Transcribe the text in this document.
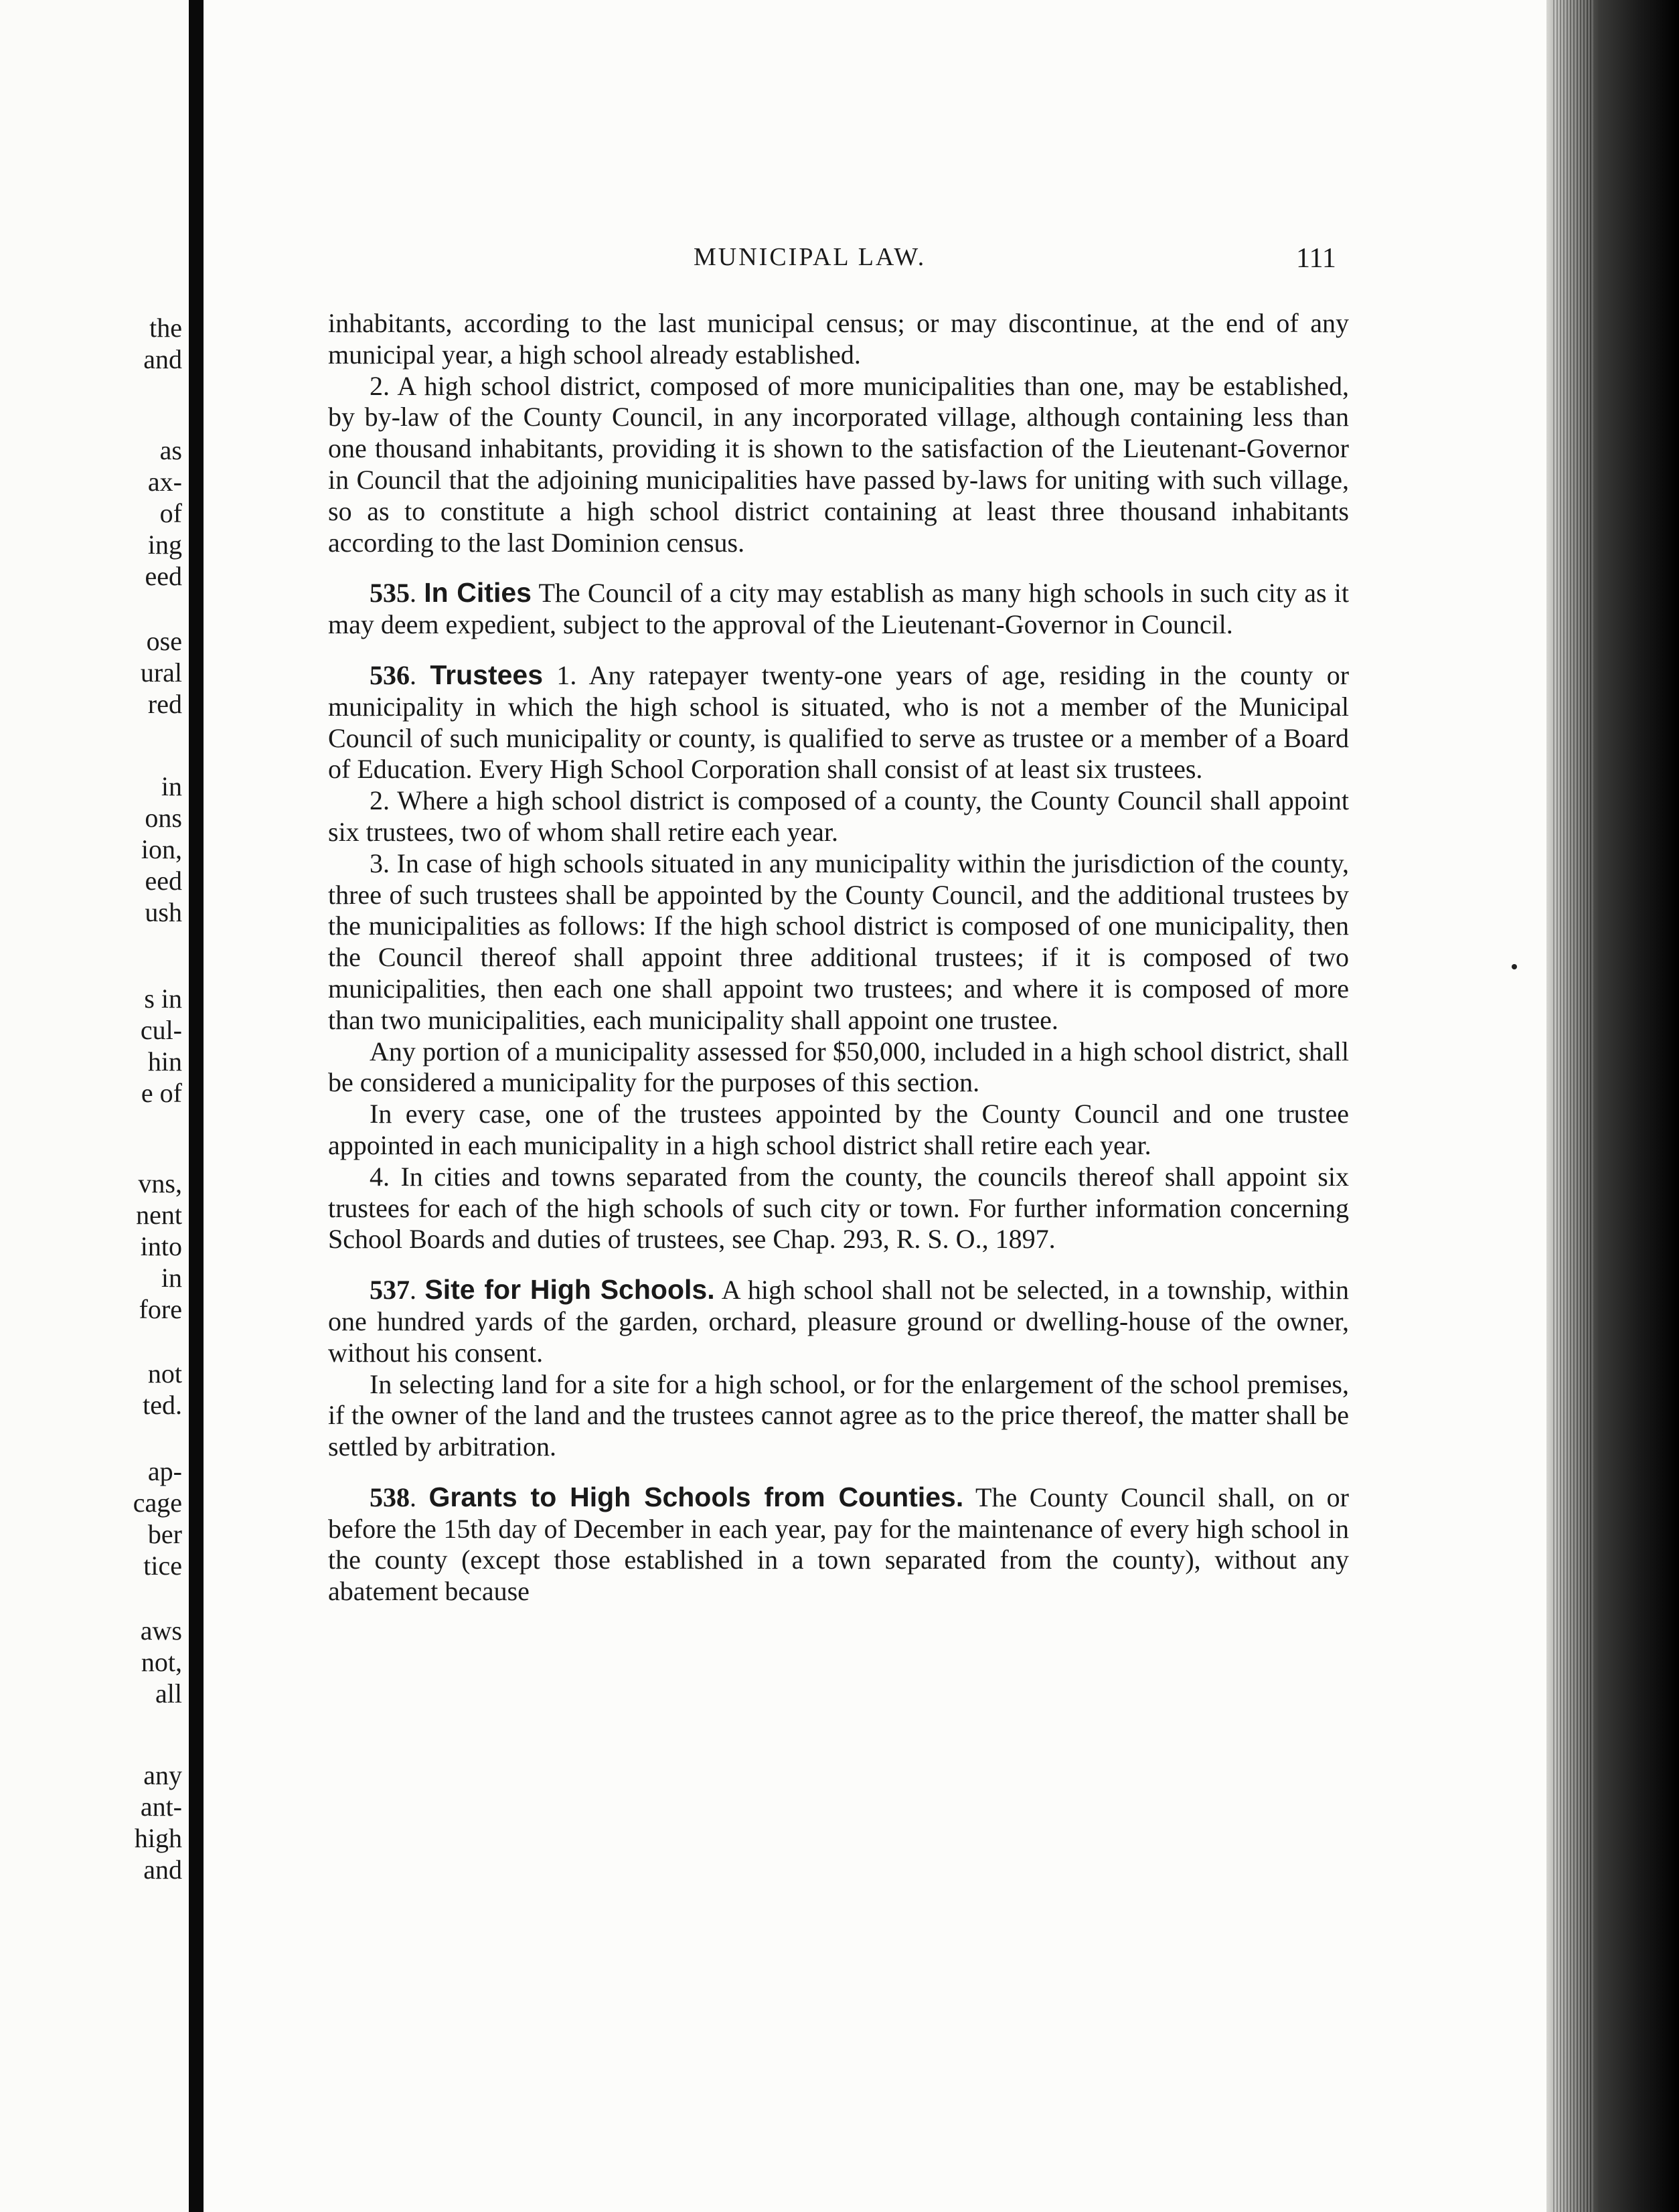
the
and
as
ax-
of
ing
eed
ose
ural
red
in
ons
ion,
eed
ush
s in
cul-
hin
e of
vns,
nent
into
in
fore
not
ted.
ap-
cage
ber
tice
aws
not,
all
any
ant-
high
and
MUNICIPAL LAW.	111

inhabitants, according to the last municipal census; or may discontinue, at the end of any municipal year, a high school already established.

2. A high school district, composed of more municipalities than one, may be established, by by-law of the County Council, in any incorporated village, although containing less than one thousand inhabitants, providing it is shown to the satisfaction of the Lieutenant-Governor in Council that the adjoining municipalities have passed by-laws for uniting with such village, so as to constitute a high school district containing at least three thousand inhabitants according to the last Dominion census.

535. In Cities The Council of a city may establish as many high schools in such city as it may deem expedient, subject to the approval of the Lieutenant-Governor in Council.

536. Trustees 1. Any ratepayer twenty-one years of age, residing in the county or municipality in which the high school is situated, who is not a member of the Municipal Council of such municipality or county, is qualified to serve as trustee or a member of a Board of Education. Every High School Corporation shall consist of at least six trustees.

2. Where a high school district is composed of a county, the County Council shall appoint six trustees, two of whom shall retire each year.

3. In case of high schools situated in any municipality within the jurisdiction of the county, three of such trustees shall be appointed by the County Council, and the additional trustees by the municipalities as follows: If the high school district is composed of one municipality, then the Council thereof shall appoint three additional trustees; if it is composed of two municipalities, then each one shall appoint two trustees; and where it is composed of more than two municipalities, each municipality shall appoint one trustee.

Any portion of a municipality assessed for $50,000, included in a high school district, shall be considered a municipality for the purposes of this section.

In every case, one of the trustees appointed by the County Council and one trustee appointed in each municipality in a high school district shall retire each year.

4. In cities and towns separated from the county, the councils thereof shall appoint six trustees for each of the high schools of such city or town. For further information concerning School Boards and duties of trustees, see Chap. 293, R. S. O., 1897.

537. Site for High Schools. A high school shall not be selected, in a township, within one hundred yards of the garden, orchard, pleasure ground or dwelling-house of the owner, without his consent.

In selecting land for a site for a high school, or for the enlargement of the school premises, if the owner of the land and the trustees cannot agree as to the price thereof, the matter shall be settled by arbitration.

538. Grants to High Schools from Counties. The County Council shall, on or before the 15th day of December in each year, pay for the maintenance of every high school in the county (except those established in a town separated from the county), without any abatement because
